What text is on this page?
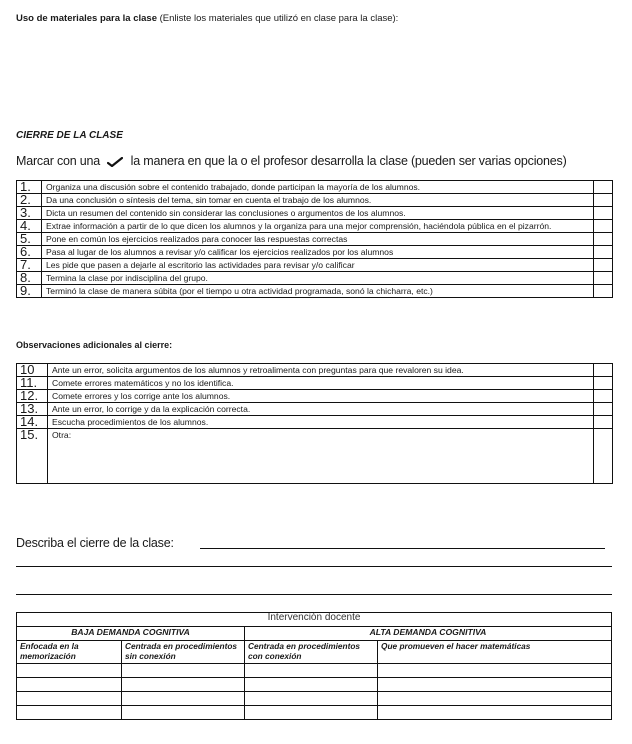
Uso de materiales para la clase (Enliste los materiales que utilizó en clase para la clase):
CIERRE DE LA CLASE
Marcar con una la manera en que la o el profesor desarrolla la clase (pueden ser varias opciones)
1.	Organiza una discusión sobre el contenido trabajado, donde participan la mayoría de los alumnos.	
2.	Da una conclusión o síntesis del tema, sin tomar en cuenta el trabajo de los alumnos.	
3.	Dicta un resumen del contenido sin considerar las conclusiones o argumentos de los alumnos.	
4.	Extrae información a partir de lo que dicen los alumnos y la organiza para una mejor comprensión, haciéndola pública en el pizarrón.	
5.	Pone en común los ejercicios realizados para conocer las respuestas correctas	
6.	Pasa al lugar de los alumnos a revisar y/o calificar los ejercicios realizados por los alumnos	
7.	Les pide que pasen a dejarle al escritorio las actividades para revisar y/o calificar	
8.	Termina la clase por indisciplina del grupo.	
9.	Terminó la clase de manera súbita (por el tiempo u otra actividad programada, sonó la chicharra, etc.)	
Observaciones adicionales al cierre:
10	Ante un error, solicita argumentos de los alumnos y retroalimenta con preguntas para que revaloren su idea.	
11.	Comete errores matemáticos y no los identifica.	
12.	Comete errores y los corrige ante los alumnos.	
13.	Ante un error, lo corrige y da la explicación correcta.	
14.	Escucha procedimientos de los alumnos.	
15.	Otra:	
Describa el cierre de la clase:
Intervención docente			
BAJA DEMANDA COGNITIVA		ALTA DEMANDA COGNITIVA	
Enfocada en la memorización	Centrada en procedimientos sin conexión	Centrada en procedimientos con conexión	Que promueven el hacer matemáticas
